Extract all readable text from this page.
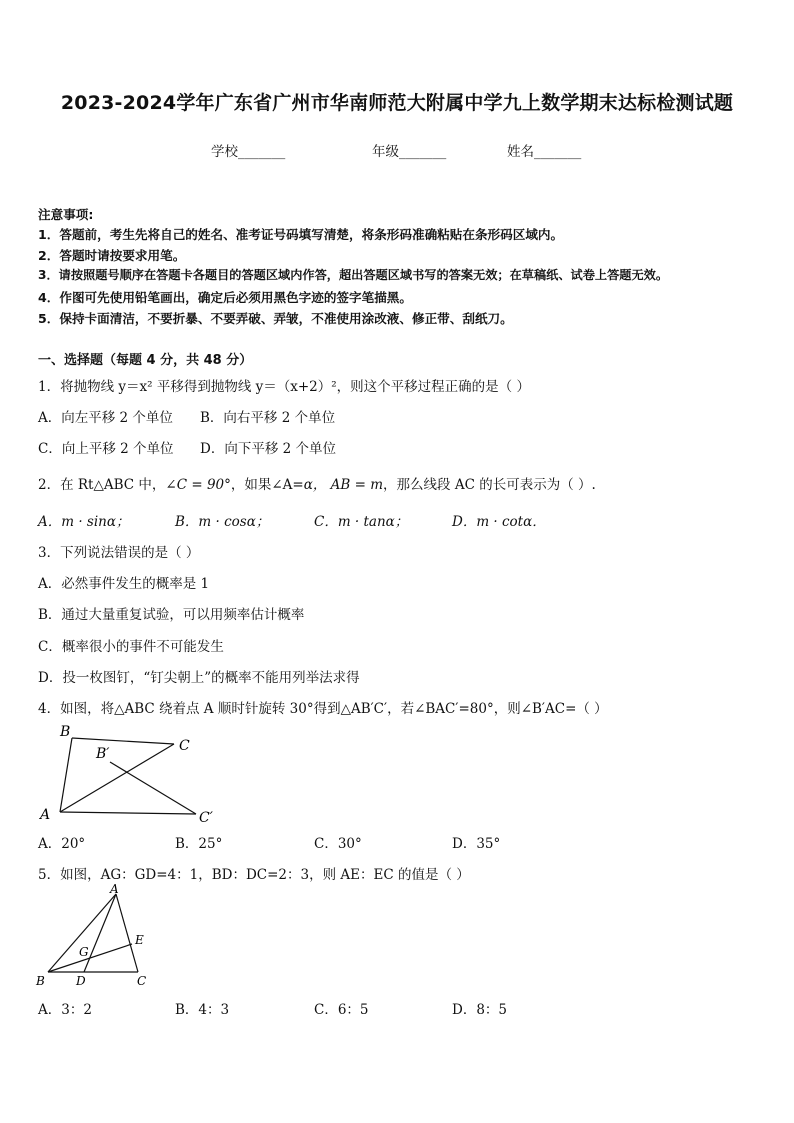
2023-2024学年广东省广州市华南师范大附属中学九上数学期末达标检测试题
学校_______	年级_______	姓名_______
注意事项:
1．答题前，考生先将自己的姓名、准考证号码填写清楚，将条形码准确粘贴在条形码区域内。
2．答题时请按要求用笔。
3．请按照题号顺序在答题卡各题目的答题区域内作答，超出答题区域书写的答案无效；在草稿纸、试卷上答题无效。
4．作图可先使用铅笔画出，确定后必须用黑色字迹的签字笔描黑。
5．保持卡面清洁，不要折暴、不要弄破、弄皱，不准使用涂改液、修正带、刮纸刀。
一、选择题（每题 4 分，共 48 分）
1．将抛物线 y＝x² 平移得到抛物线 y＝（x+2）²，则这个平移过程正确的是（ ）
A．向左平移 2 个单位 B．向右平移 2 个单位
C．向上平移 2 个单位 D．向下平移 2 个单位
2．在 Rt△ABC 中，∠C = 90°，如果∠A=α， AB = m，那么线段 AC 的长可表示为（ ）.
A．m · sinα；	B．m · cosα；	C．m · tanα；	D．m · cotα．
3．下列说法错误的是（ ）
A．必然事件发生的概率是 1
B．通过大量重复试验，可以用频率估计概率
C．概率很小的事件不可能发生
D．投一枚图钉，“钉尖朝上”的概率不能用列举法求得
4．如图，将△ABC 绕着点 A 顺时针旋转 30°得到△AB′C′，若∠BAC′=80°，则∠B′AC=（ ）
B
B′	C
A	C′
A．20°	B．25°	C．30°	D．35°
5．如图，AG：GD=4：1，BD：DC=2：3，则 AE：EC 的值是（ ）
A
E
G
B	D	C
A．3：2	B．4：3	C．6：5	D．8：5
